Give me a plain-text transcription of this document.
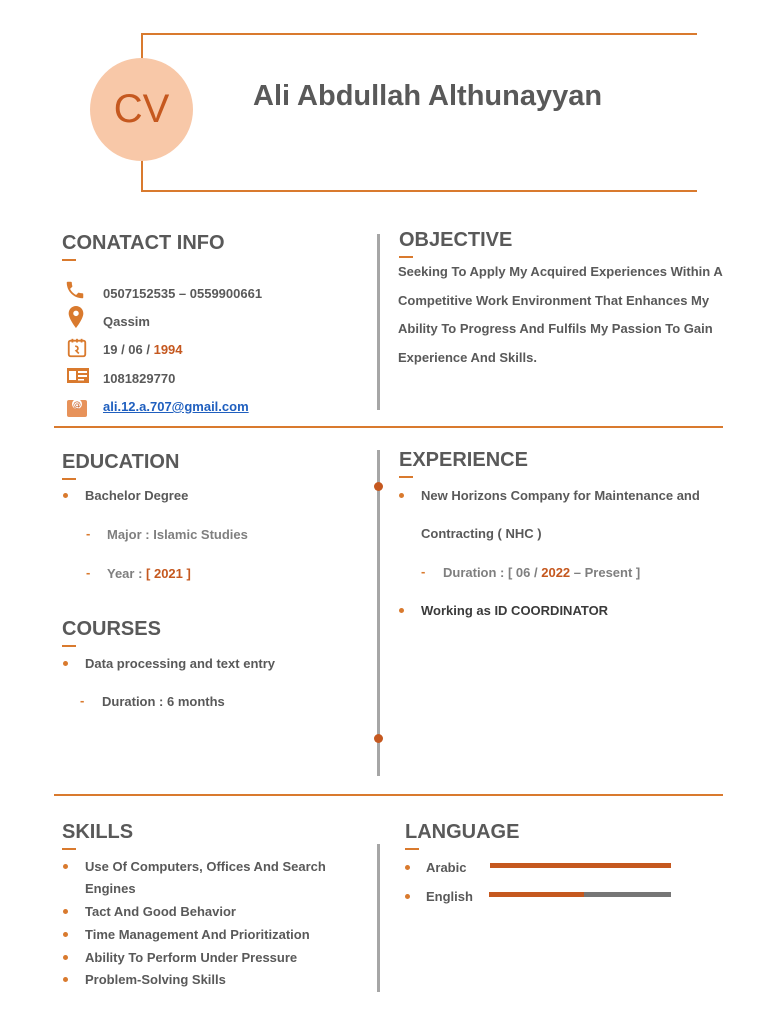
CV	Ali Abdullah Althunayyan
CONATACT INFO
0507152535 – 0559900661
Qassim
19 / 06 / 1994
1081829770
@ ali.12.a.707@gmail.com
OBJECTIVE
Seeking To Apply My Acquired Experiences Within A
Competitive Work Environment That Enhances My
Ability To Progress And Fulfils My Passion To Gain
Experience And Skills.
EDUCATION
Bachelor Degree
- Major : Islamic Studies
- Year : [ 2021 ]
COURSES
Data processing and text entry
- Duration : 6 months
EXPERIENCE
New Horizons Company for Maintenance and
Contracting ( NHC )
- Duration : [ 06 / 2022 – Present ]
Working as ID COORDINATOR
SKILLS
Use Of Computers, Offices And Search
Engines
Tact And Good Behavior
Time Management And Prioritization
Ability To Perform Under Pressure
Problem-Solving Skills
LANGUAGE
Arabic
English
